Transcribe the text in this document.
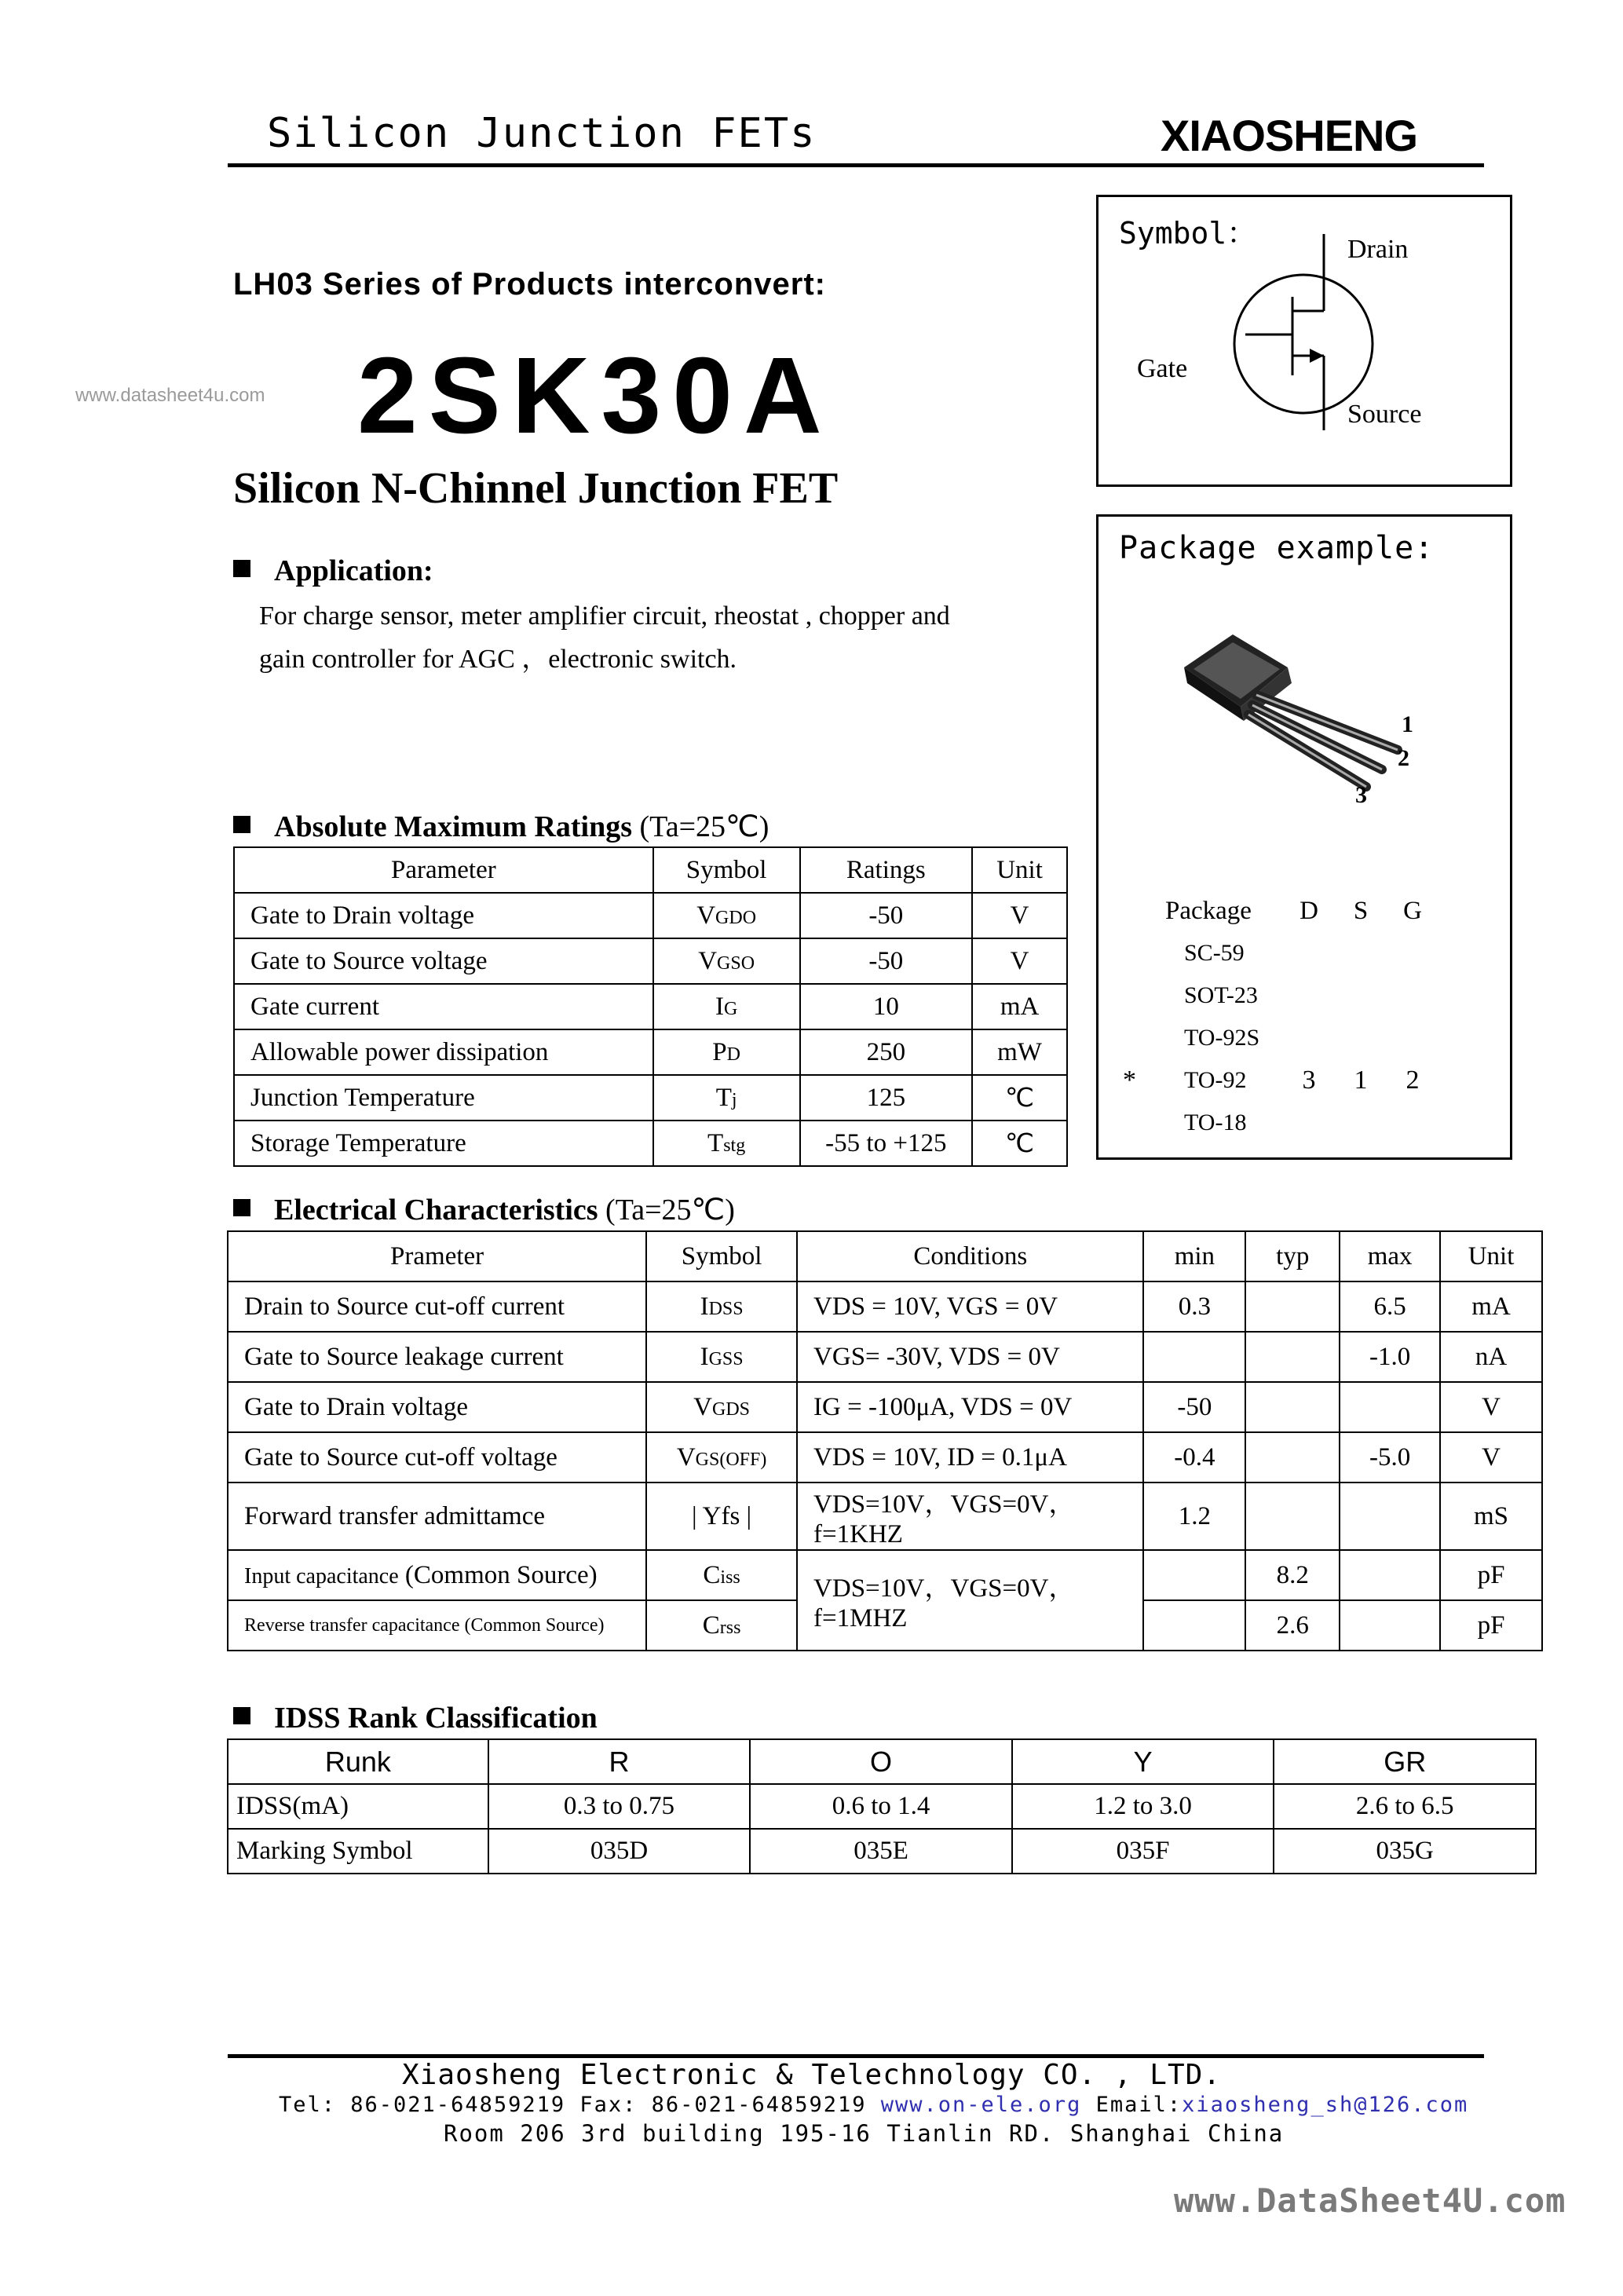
Silicon Junction FETs	XIAOSHENG
LH03 Series of Products interconvert:
www.datasheet4u.com 2SK30A
Silicon N-Chinnel Junction FET
Application:
For charge sensor, meter amplifier circuit, rheostat , chopper and
gain controller for AGC ，electronic switch.
Symbol：	Drain
Gate
Source
Package example:
1
2
3
	Package	D	S	G
	SC-59			
	SOT-23			
	TO-92S			
*	TO-92	3	1	2
	TO-18			
Absolute Maximum Ratings (Ta=25℃)
Parameter	Symbol	Ratings	Unit
Gate to Drain voltage	VGDO	-50	V
Gate to Source voltage	VGSO	-50	V
Gate current	IG	10	mA
Allowable power dissipation	PD	250	mW
Junction Temperature	Tj	125	℃
Storage Temperature	Tstg	-55 to +125	℃
Electrical Characteristics (Ta=25℃)
Prameter	Symbol	Conditions	min	typ	max	Unit
Drain to Source cut-off current	IDSS	VDS = 10V, VGS = 0V	0.3		6.5	mA
Gate to Source leakage current	IGSS	VGS= -30V, VDS = 0V			-1.0	nA
Gate to Drain voltage	VGDS	IG = -100μA, VDS = 0V	-50			V
Gate to Source cut-off voltage	VGS(OFF)	VDS = 10V, ID = 0.1μA	-0.4		-5.0	V
Forward transfer admittamce	| Yfs |	VDS=10V，VGS=0V，f=1KHZ	1.2			mS
Input capacitance (Common Source)	Ciss	VDS=10V，VGS=0V，f=1MHZ		8.2		pF
Reverse transfer capacitance (Common Source)	Crss			2.6		pF
IDSS Rank Classification
Runk	R	O	Y	GR
IDSS(mA)	0.3 to 0.75	0.6 to 1.4	1.2 to 3.0	2.6 to 6.5
Marking Symbol	035D	035E	035F	035G
Xiaosheng Electronic & Telechnology CO. , LTD.
Tel: 86-021-64859219 Fax: 86-021-64859219 www.on-ele.org Email:xiaosheng_sh@126.com
Room 206 3rd building 195-16 Tianlin RD. Shanghai China
www.DataSheet4U.com
